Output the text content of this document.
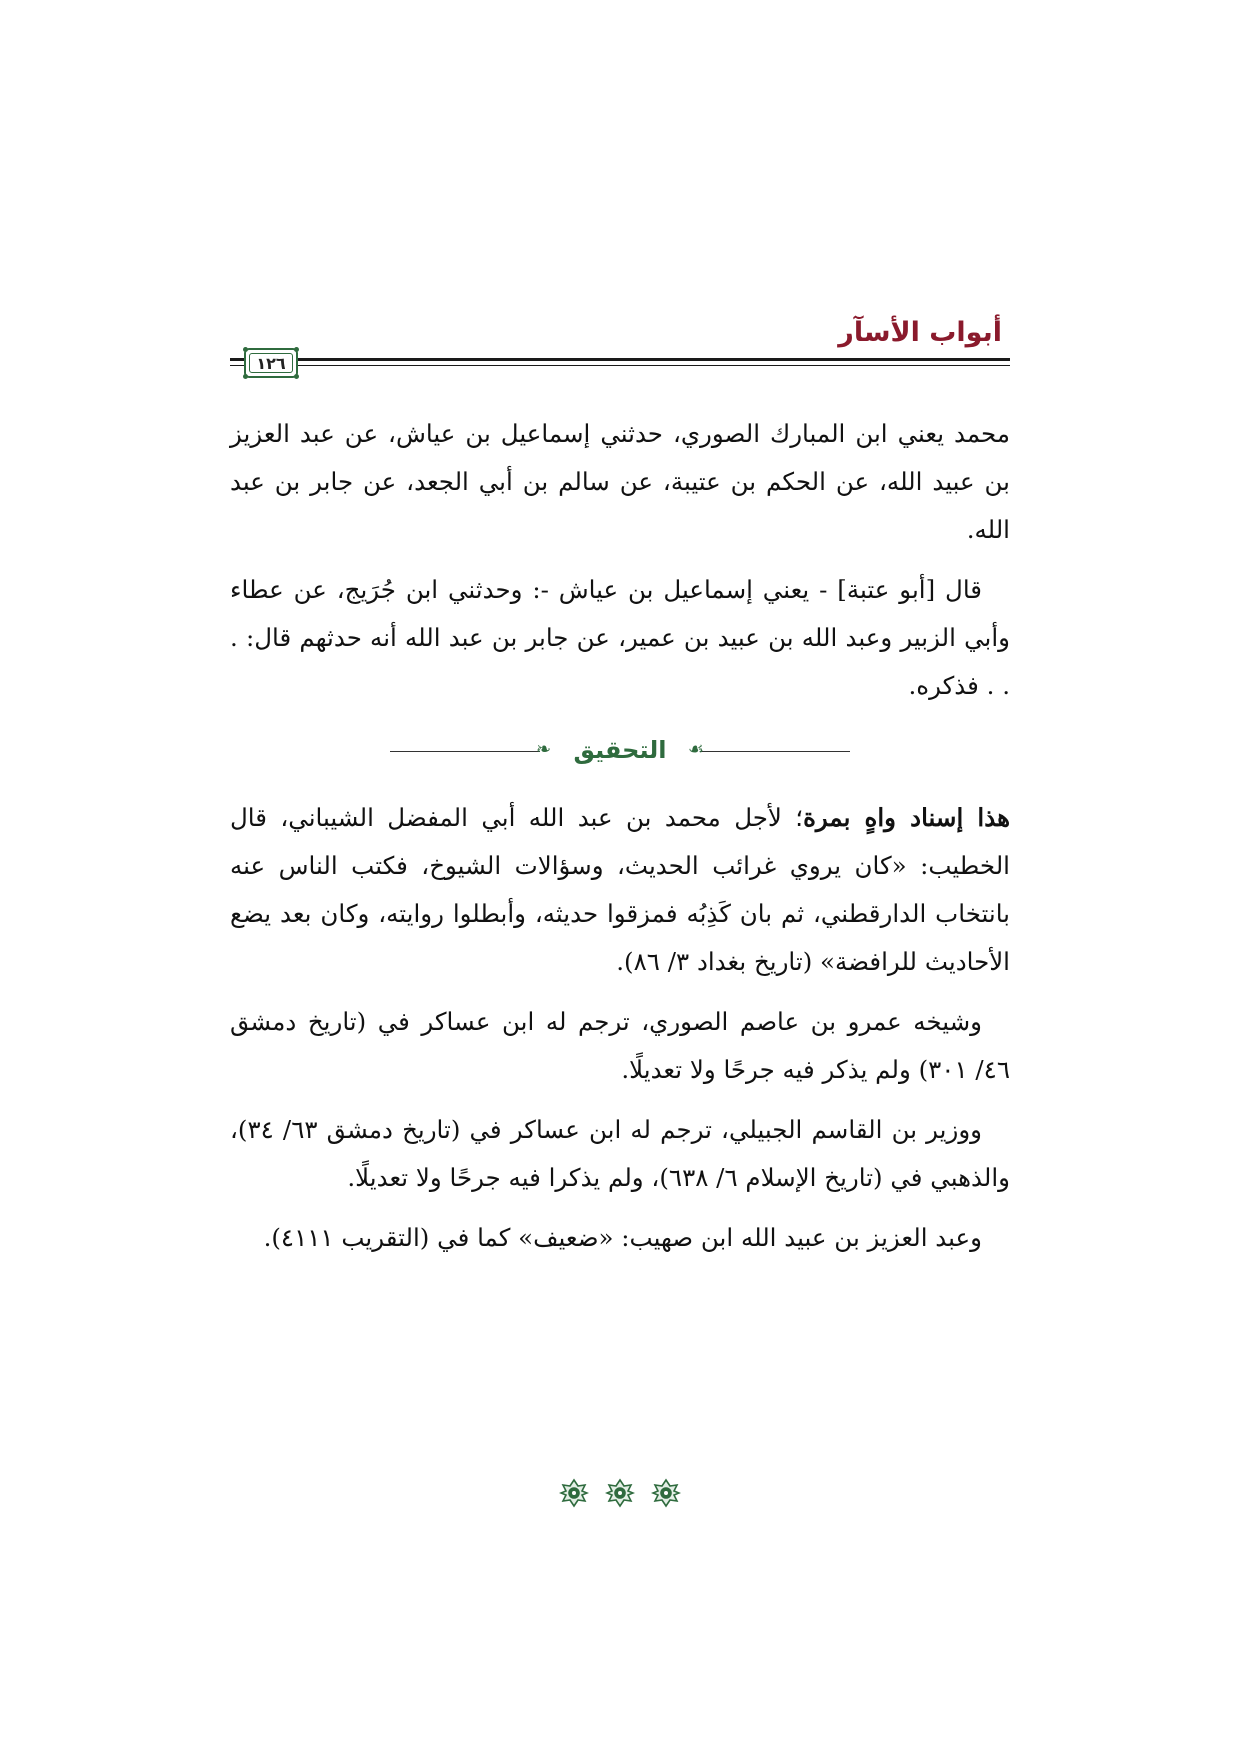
أبواب الأسآر
١٢٦

محمد يعني ابن المبارك الصوري، حدثني إسماعيل بن عياش، عن عبد العزيز بن عبيد الله، عن الحكم بن عتيبة، عن سالم بن أبي الجعد، عن جابر بن عبد الله.

قال [أبو عتبة] - يعني إسماعيل بن عياش -: وحدثني ابن جُرَيج، عن عطاء وأبي الزبير وعبد الله بن عبيد بن عمير، عن جابر بن عبد الله أنه حدثهم قال: . . . فذكره.

❧	☙
التحقيق

هذا إسناد واهٍ بمرة؛ لأجل محمد بن عبد الله أبي المفضل الشيباني، قال الخطيب: «كان يروي غرائب الحديث، وسؤالات الشيوخ، فكتب الناس عنه بانتخاب الدارقطني، ثم بان كَذِبُه فمزقوا حديثه، وأبطلوا روايته، وكان بعد يضع الأحاديث للرافضة» (تاريخ بغداد ٣/ ٨٦).

وشيخه عمرو بن عاصم الصوري، ترجم له ابن عساكر في (تاريخ دمشق ٤٦/ ٣٠١) ولم يذكر فيه جرحًا ولا تعديلًا.

ووزير بن القاسم الجبيلي، ترجم له ابن عساكر في (تاريخ دمشق ٦٣/ ٣٤)، والذهبي في (تاريخ الإسلام ٦/ ٦٣٨)، ولم يذكرا فيه جرحًا ولا تعديلًا.

وعبد العزيز بن عبيد الله ابن صهيب: «ضعيف» كما في (التقريب ٤١١١).
